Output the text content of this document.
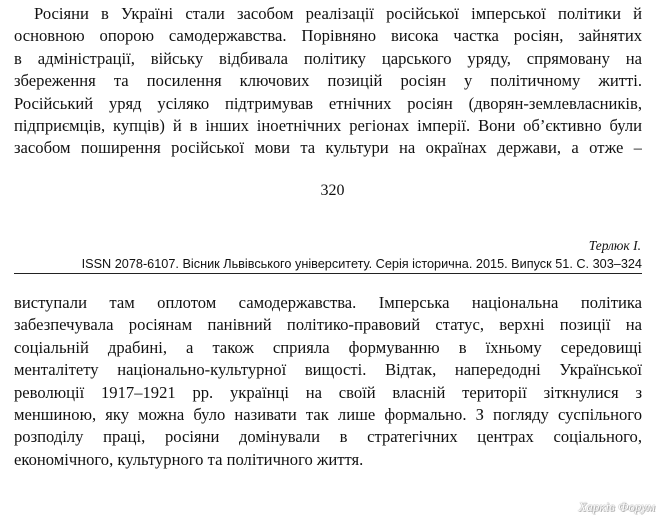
Росіяни в Україні стали засобом реалізації російської імперської політики й
основною опорою самодержавства. Порівняно висока частка росіян, зайнятих
в адміністрації, війську відбивала політику царського уряду, спрямовану на
збереження та посилення ключових позицій росіян у політичному житті.
Російський уряд усіляко підтримував етнічних росіян (дворян-землевласників,
підприємців, купців) й в інших іноетнічних регіонах імперії. Вони об’єктивно були
засобом поширення російської мови та культури на окраїнах держави, а отже –
320
Терлюк І.
ISSN 2078-6107. Вісник Львівського університету. Серія історична. 2015. Випуск 51. С. 303–324
виступали там оплотом самодержавства. Імперська національна політика
забезпечувала росіянам панівний політико-правовий статус, верхні позиції на
соціальній драбині, а також сприяла формуванню в їхньому середовищі
менталітету національно-культурної вищості. Відтак, напередодні Української
революції 1917–1921 рр. українці на своїй власній території зіткнулися з
меншиною, яку можна було називати так лише формально. З погляду суспільного
розподілу праці, росіяни домінували в стратегічних центрах соціального,
економічного, культурного та політичного життя.
Харків Форум
